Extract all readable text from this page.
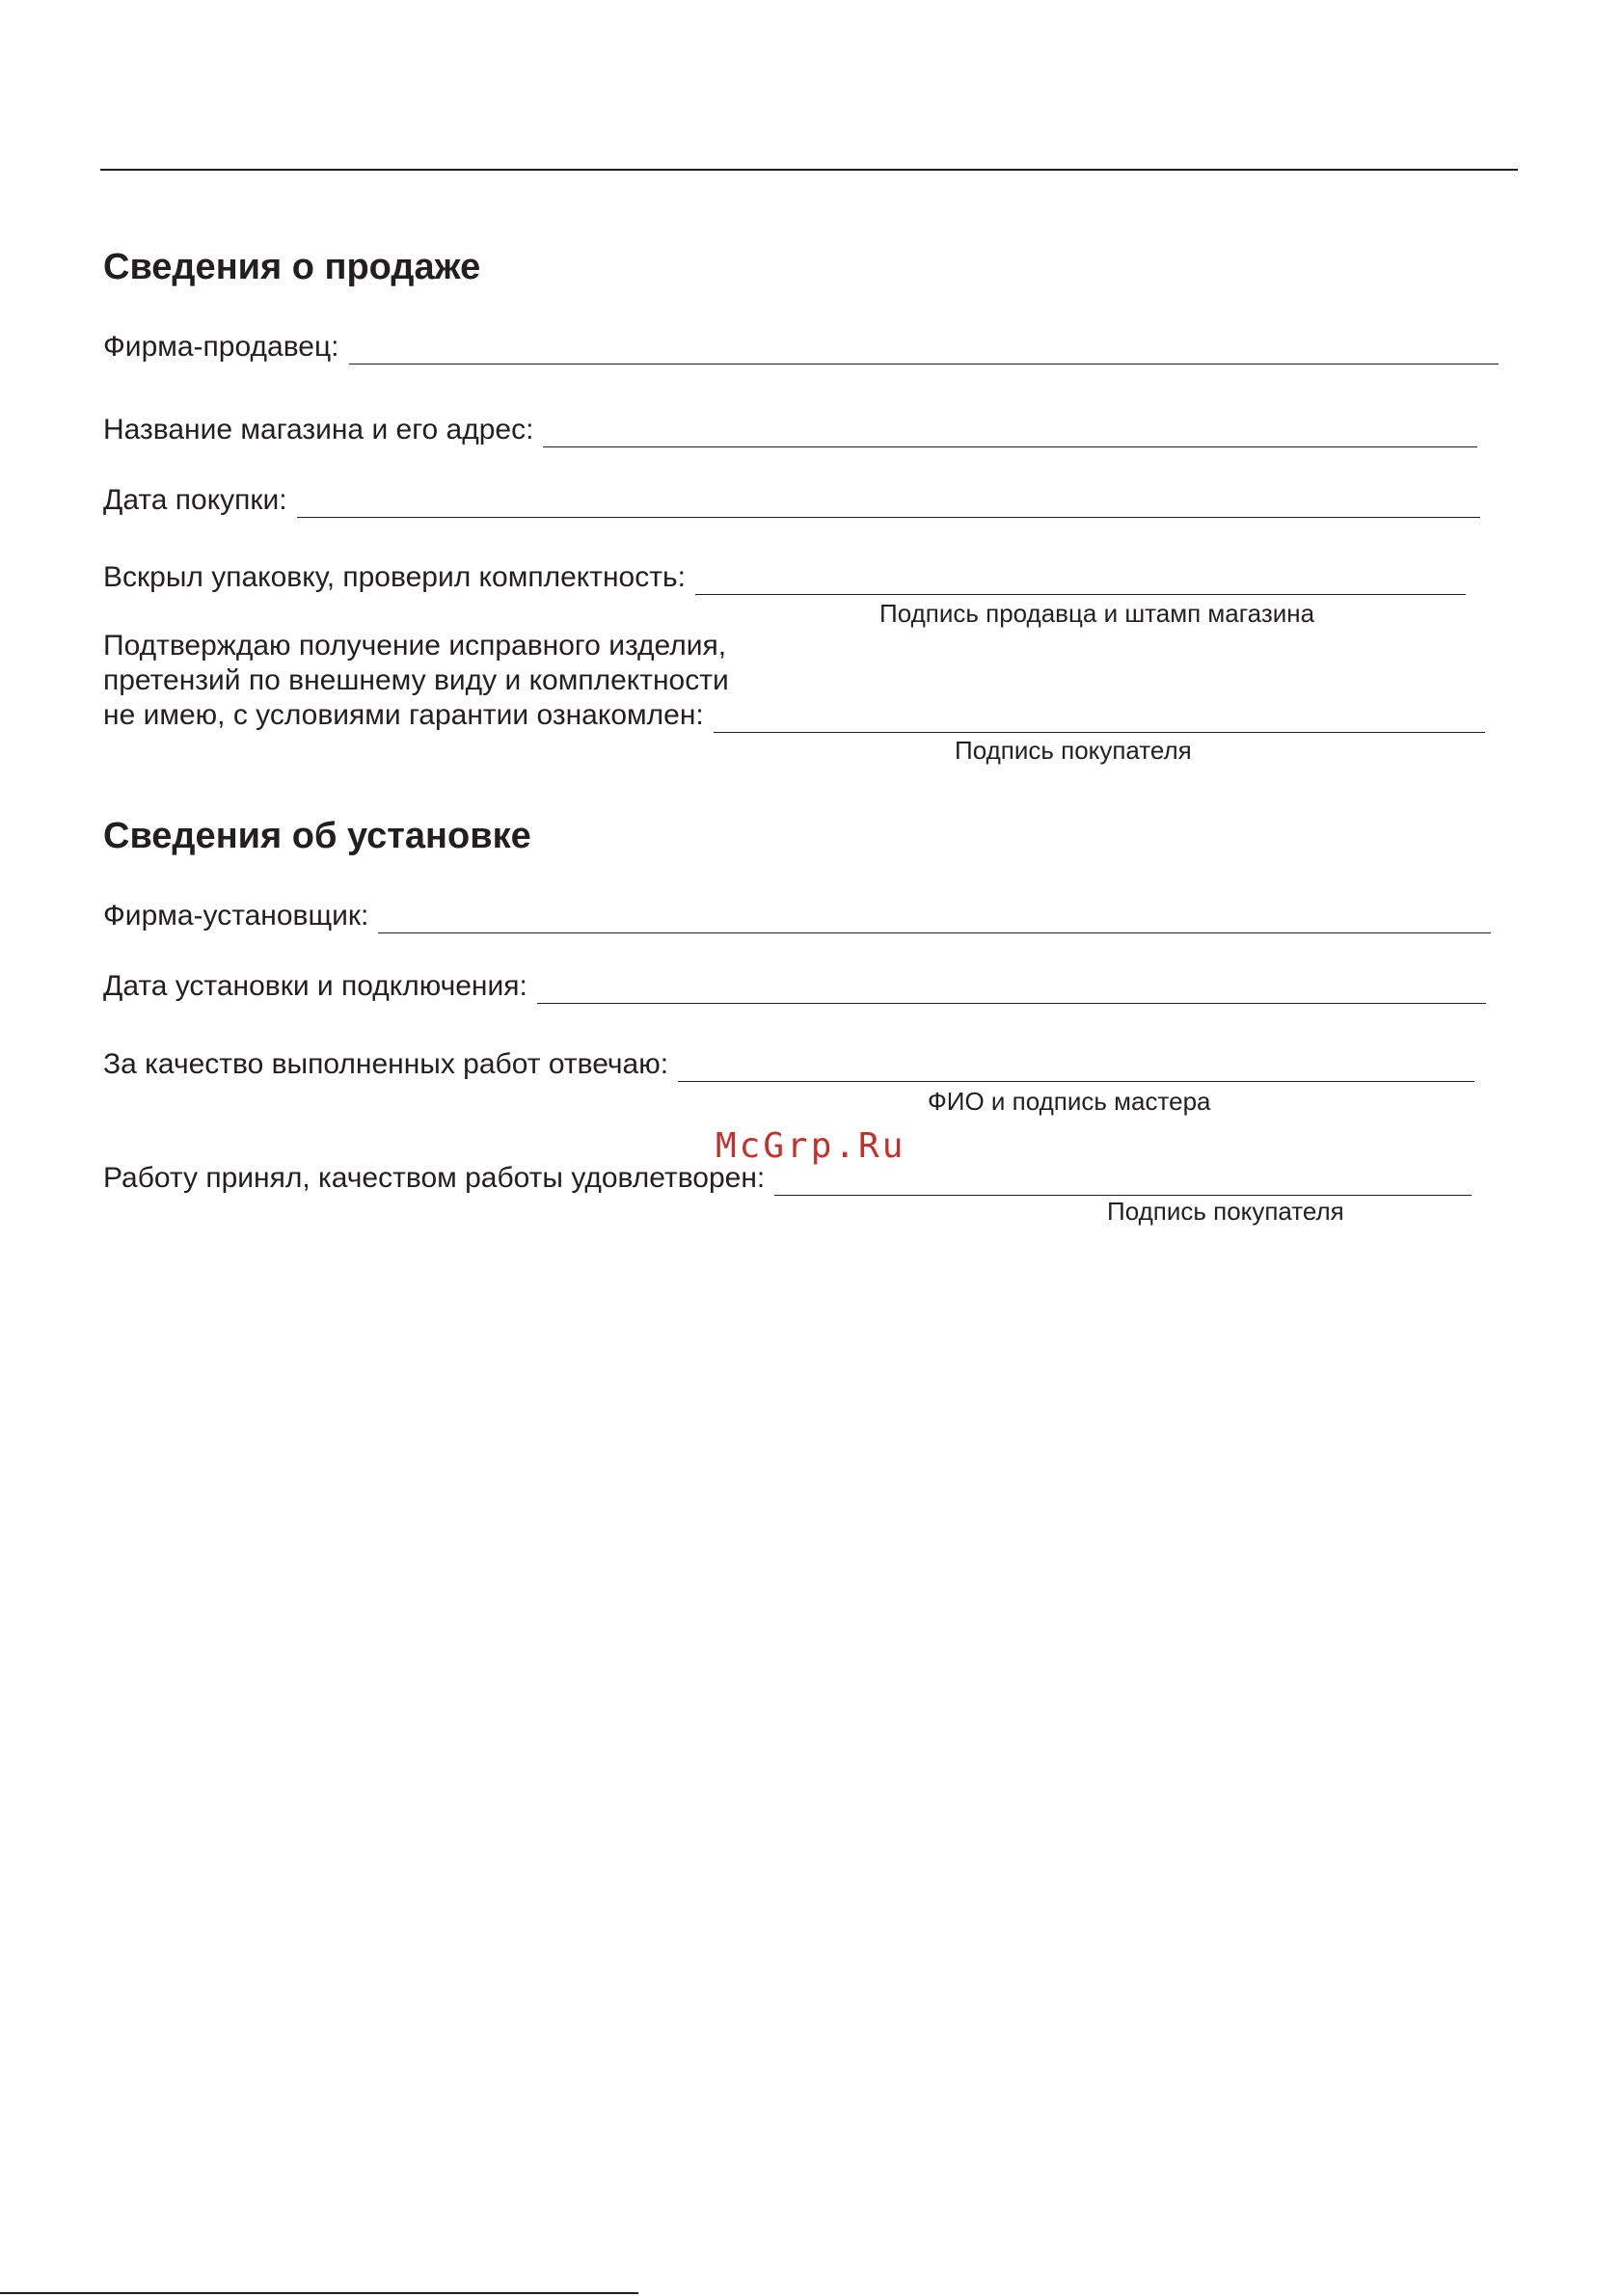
Сведения о продаже
Фирма-продавец:
Название магазина и его адрес:
Дата покупки:
Вскрыл упаковку, проверил комплектность:
Подпись продавца и штамп магазина
Подтверждаю получение исправного изделия,
претензий по внешнему виду и комплектности
не имею, с условиями гарантии ознакомлен:
Подпись покупателя
Сведения об установке
Фирма-установщик:
Дата установки и подключения:
За качество выполненных работ отвечаю:
ФИО и подпись мастера
McGrp.Ru
Работу принял, качеством работы удовлетворен:
Подпись покупателя
